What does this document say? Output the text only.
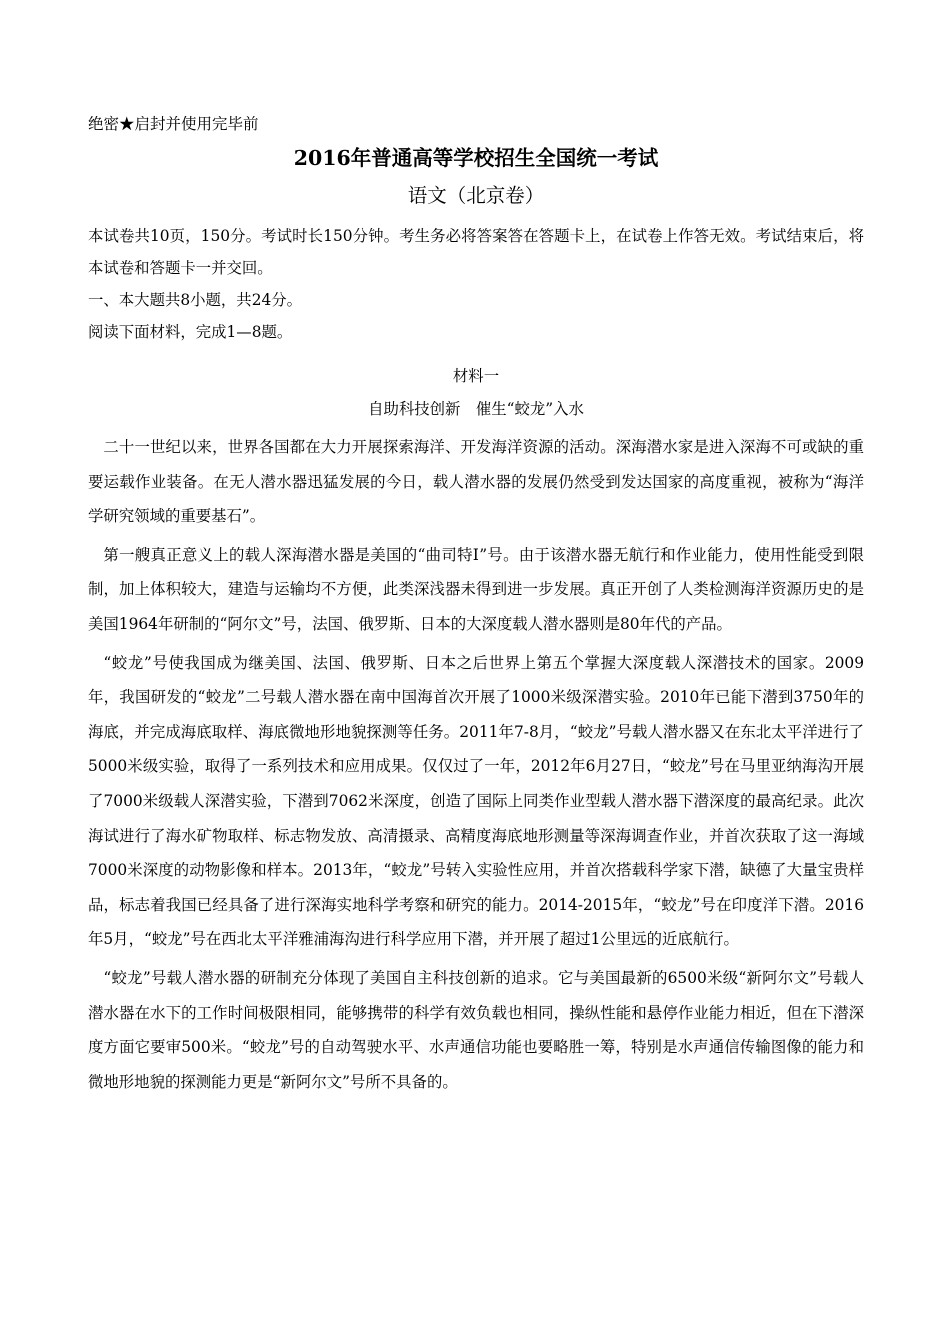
绝密★启封并使用完毕前
2016年普通高等学校招生全国统一考试
语文（北京卷）

本试卷共10页，150分。考试时长150分钟。考生务必将答案答在答题卡上，在试卷上作答无效。考试结束后，将本试卷和答题卡一并交回。

一、本大题共8小题，共24分。

阅读下面材料，完成1—8题。

材料一
自助科技创新　催生“蛟龙”入水

二十一世纪以来，世界各国都在大力开展探索海洋、开发海洋资源的活动。深海潜水家是进入深海不可或缺的重要运载作业装备。在无人潜水器迅猛发展的今日，载人潜水器的发展仍然受到发达国家的高度重视，被称为“海洋学研究领域的重要基石”。

第一艘真正意义上的载人深海潜水器是美国的“曲司特Ⅰ”号。由于该潜水器无航行和作业能力，使用性能受到限制，加上体积较大，建造与运输均不方便，此类深浅器未得到进一步发展。真正开创了人类检测海洋资源历史的是美国1964年研制的“阿尔文”号，法国、俄罗斯、日本的大深度载人潜水器则是80年代的产品。

“蛟龙”号使我国成为继美国、法国、俄罗斯、日本之后世界上第五个掌握大深度载人深潜技术的国家。2009年，我国研发的“蛟龙”二号载人潜水器在南中国海首次开展了1000米级深潜实验。2010年已能下潜到3750年的海底，并完成海底取样、海底微地形地貌探测等任务。2011年7-8月，“蛟龙”号载人潜水器又在东北太平洋进行了5000米级实验，取得了一系列技术和应用成果。仅仅过了一年，2012年6月27日，“蛟龙”号在马里亚纳海沟开展了7000米级载人深潜实验，下潜到7062米深度，创造了国际上同类作业型载人潜水器下潜深度的最高纪录。此次海试进行了海水矿物取样、标志物发放、高清摄录、高精度海底地形测量等深海调查作业，并首次获取了这一海域7000米深度的动物影像和样本。2013年，“蛟龙”号转入实验性应用，并首次搭载科学家下潜，缺德了大量宝贵样品，标志着我国已经具备了进行深海实地科学考察和研究的能力。2014-2015年，“蛟龙”号在印度洋下潜。2016年5月，“蛟龙”号在西北太平洋雅浦海沟进行科学应用下潜，并开展了超过1公里远的近底航行。

“蛟龙”号载人潜水器的研制充分体现了美国自主科技创新的追求。它与美国最新的6500米级“新阿尔文”号载人潜水器在水下的工作时间极限相同，能够携带的科学有效负载也相同，操纵性能和悬停作业能力相近，但在下潜深度方面它要审500米。“蛟龙”号的自动驾驶水平、水声通信功能也要略胜一筹，特别是水声通信传输图像的能力和微地形地貌的探测能力更是“新阿尔文”号所不具备的。
